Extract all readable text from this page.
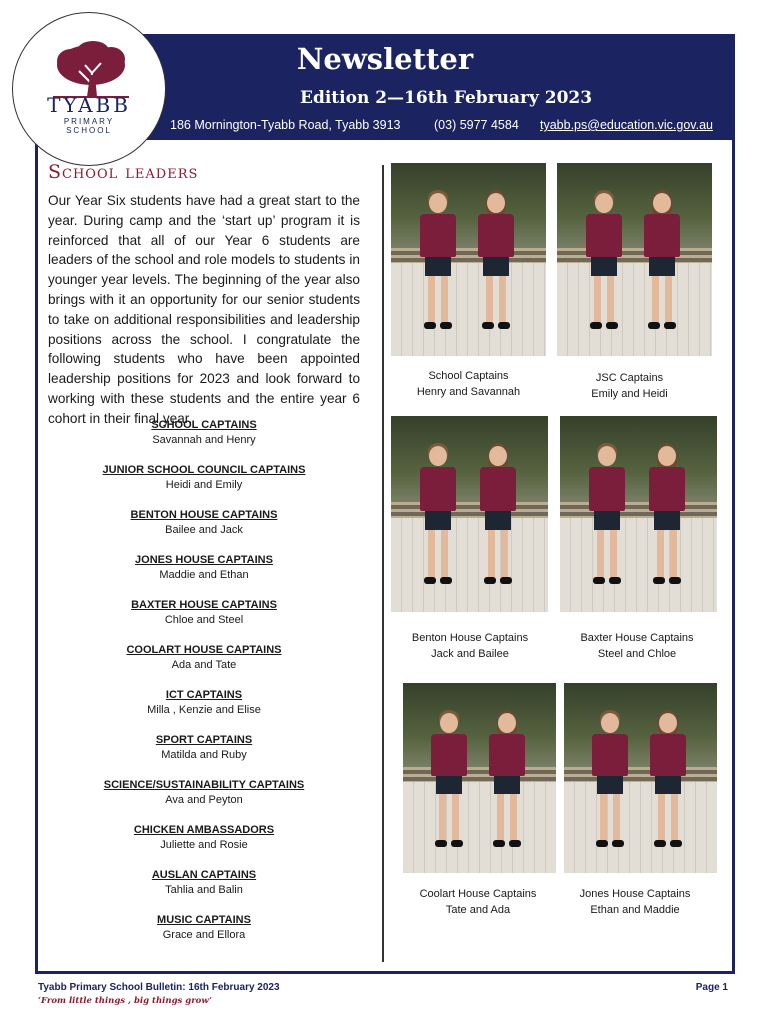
Newsletter
Edition 2—16th February 2023
186 Mornington-Tyabb Road, Tyabb 3913	(03) 5977 4584 tyabb.ps@education.vic.gov.au
TYABB
PRIMARY SCHOOL
School leaders
Our Year Six students have had a great start to the year. During camp and the ‘start up’ program it is reinforced that all of our Year 6 students are leaders of the school and role models to students in younger year levels. The beginning of the year also brings with it an opportunity for our senior students to take on additional responsibilities and leadership positions across the school. I congratulate the following students who have been appointed leadership positions for 2023 and look forward to working with these students and the entire year 6 cohort in their final year.
SCHOOL CAPTAINS
Savannah and Henry
JUNIOR SCHOOL COUNCIL CAPTAINS
Heidi and Emily
BENTON HOUSE CAPTAINS
Bailee and Jack
JONES HOUSE CAPTAINS
Maddie and Ethan
BAXTER HOUSE CAPTAINS
Chloe and Steel
COOLART HOUSE CAPTAINS
Ada and Tate
ICT CAPTAINS
Milla , Kenzie and Elise
SPORT CAPTAINS
Matilda and Ruby
SCIENCE/SUSTAINABILITY CAPTAINS
Ava and Peyton
CHICKEN AMBASSADORS
Juliette and Rosie
AUSLAN CAPTAINS
Tahlia and Balin
MUSIC CAPTAINS
Grace and Ellora
School Captains
Henry and Savannah
JSC Captains
Emily and Heidi
Benton House Captains
Jack and Bailee
Baxter House Captains
Steel and Chloe
Coolart House Captains
Tate and Ada
Jones House Captains
Ethan and Maddie
Tyabb Primary School Bulletin: 16th February 2023
‘From little things , big things grow’
Page 1
